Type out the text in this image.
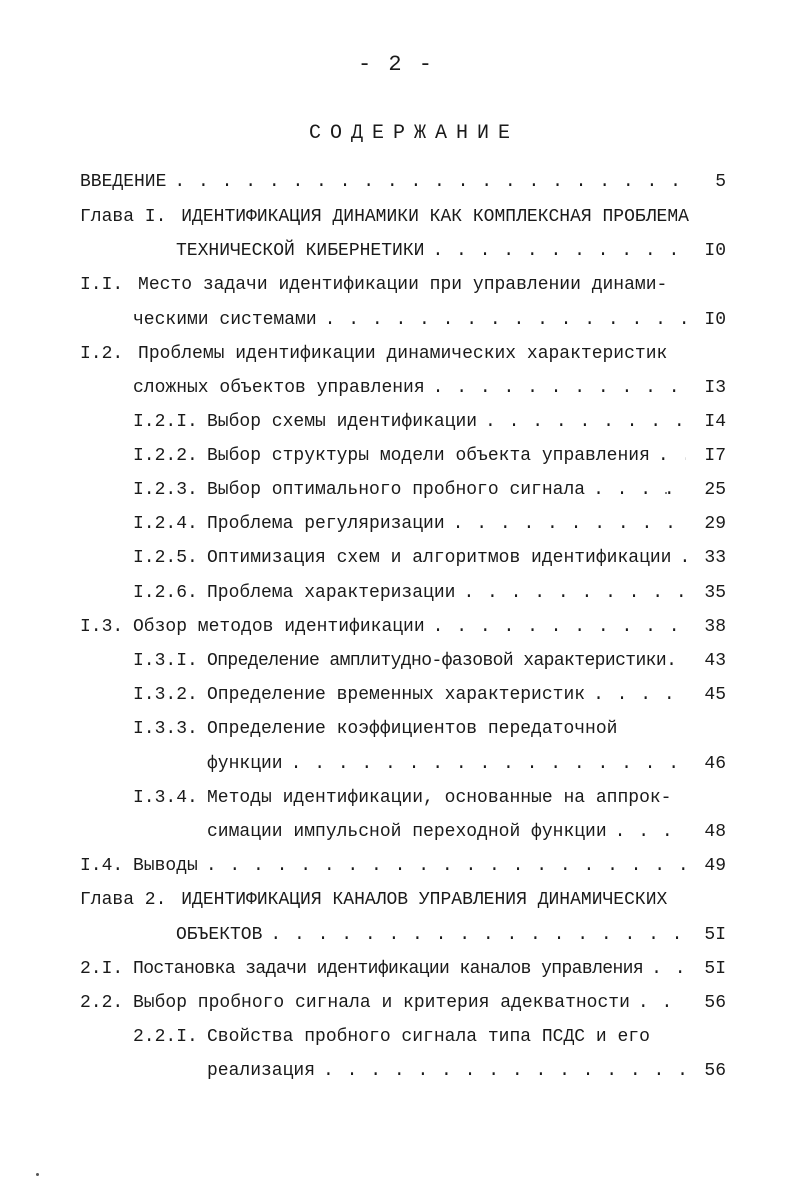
- 2 -
СОДЕРЖАНИЕ
ВВЕДЕНИЕ . . .	5
Глава I. ИДЕНТИФИКАЦИЯ ДИНАМИКИ КАК КОМПЛЕКСНАЯ ПРОБЛЕМА
ТЕХНИЧЕСКОЙ КИБЕРНЕТИКИ . . .	I0
I.I. Место задачи идентификации при управлении динами-
ческими системами . . .	I0
I.2. Проблемы идентификации динамических характеристик
сложных объектов управления . . .	I3
I.2.I. Выбор схемы идентификации . . .	I4
I.2.2. Выбор структуры модели объекта управления . . .	I7
I.2.3. Выбор оптимального пробного сигнала . . .	25
I.2.4. Проблема регуляризации . . .	29
I.2.5. Оптимизация схем и алгоритмов идентификации . . .	33
I.2.6. Проблема характеризации . . .	35
I.3. Обзор методов идентификации . . .	38
I.3.I. Определение амплитудно-фазовой характеристики . . .	43
I.3.2. Определение временных характеристик . . .	45
I.3.3. Определение коэффициентов передаточной
функции . . .	46
I.3.4. Методы идентификации, основанные на аппрок-
симации импульсной переходной функции . . .	48
I.4. Выводы . . .	49
Глава 2. ИДЕНТИФИКАЦИЯ КАНАЛОВ УПРАВЛЕНИЯ ДИНАМИЧЕСКИХ
ОБЪЕКТОВ . . .	5I
2.I. Постановка задачи идентификации каналов управления . . .	5I
2.2. Выбор пробного сигнала и критерия адекватности . . .	56
2.2.I. Свойства пробного сигнала типа ПСДС и его
реализация . . .	56
